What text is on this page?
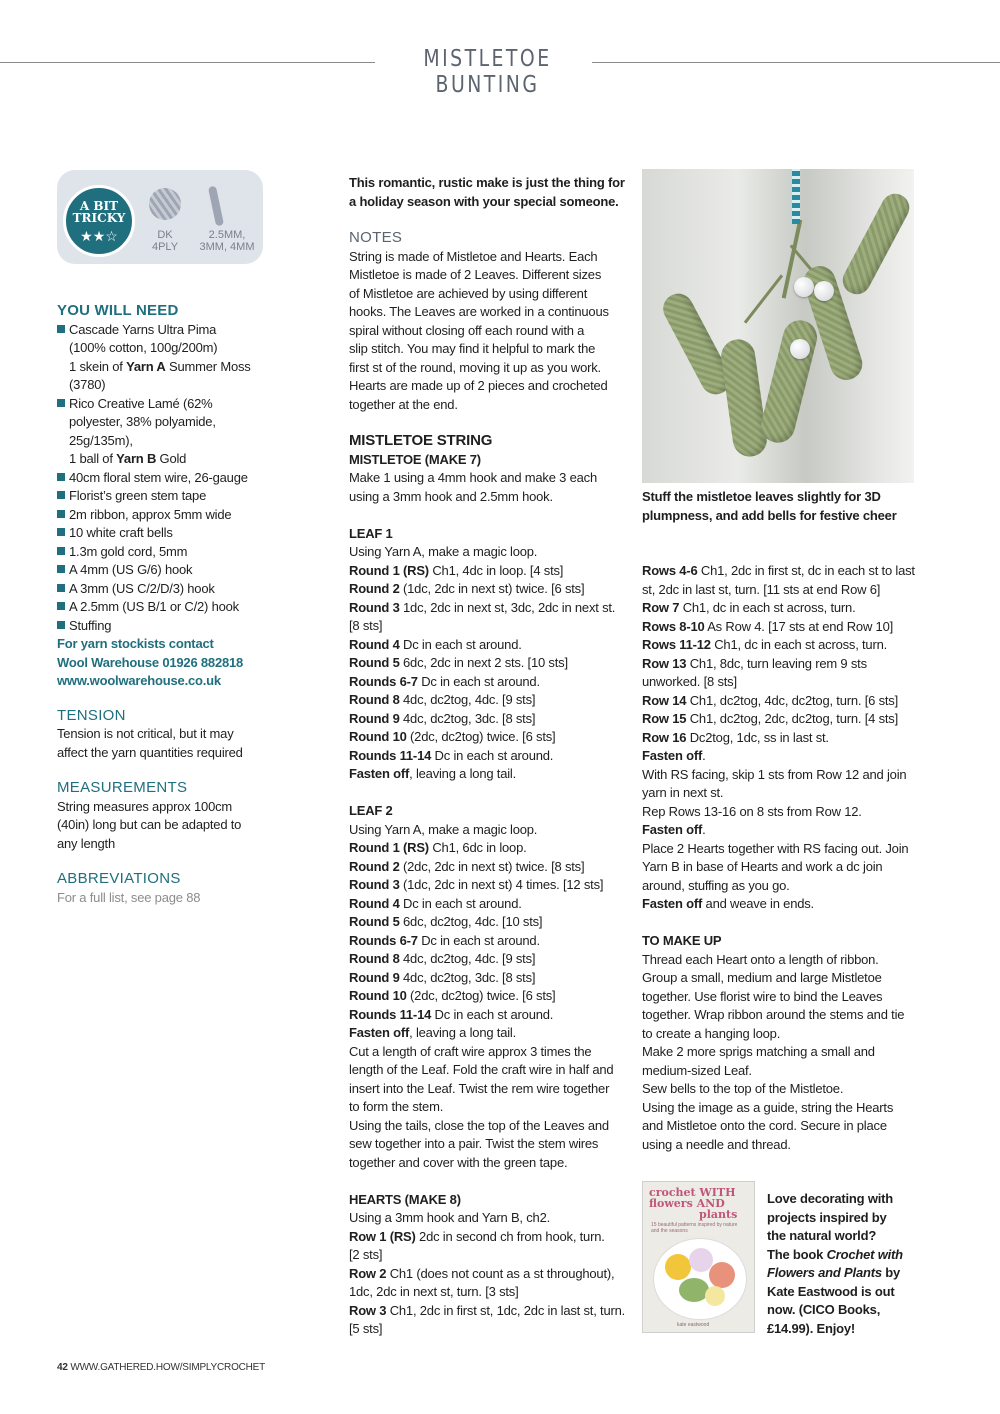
MISTLETOE BUNTING
A BIT
TRICKY
★★☆	DK
4PLY
2.5MM,
3MM, 4MM
YOU WILL NEED
Cascade Yarns Ultra Pima
(100% cotton, 100g/200m)
1 skein of Yarn A Summer Moss
(3780)
Rico Creative Lamé (62%
polyester, 38% polyamide,
25g/135m),
1 ball of Yarn B Gold
40cm floral stem wire, 26-gauge
Florist’s green stem tape
2m ribbon, approx 5mm wide
10 white craft bells
1.3m gold cord, 5mm
A 4mm (US G/6) hook
A 3mm (US C/2/D/3) hook
A 2.5mm (US B/1 or C/2) hook
Stuffing
For yarn stockists contact
Wool Warehouse 01926 882818
www.woolwarehouse.co.uk
TENSION
Tension is not critical, but it may
affect the yarn quantities required
MEASUREMENTS
String measures approx 100cm
(40in) long but can be adapted to
any length
ABBREVIATIONS
For a full list, see page 88
This romantic, rustic make is just the thing for
a holiday season with your special someone.
NOTES
String is made of Mistletoe and Hearts. Each
Mistletoe is made of 2 Leaves. Different sizes
of Mistletoe are achieved by using different
hooks. The Leaves are worked in a continuous
spiral without closing off each round with a
slip stitch. You may find it helpful to mark the
first st of the round, moving it up as you work.
Hearts are made up of 2 pieces and crocheted
together at the end.
MISTLETOE STRING
MISTLETOE (MAKE 7)
Make 1 using a 4mm hook and make 3 each
using a 3mm hook and 2.5mm hook.
LEAF 1
Using Yarn A, make a magic loop.
Round 1 (RS) Ch1, 4dc in loop. [4 sts]
Round 2 (1dc, 2dc in next st) twice. [6 sts]
Round 3 1dc, 2dc in next st, 3dc, 2dc in next st.
[8 sts]
Round 4 Dc in each st around.
Round 5 6dc, 2dc in next 2 sts. [10 sts]
Rounds 6-7 Dc in each st around.
Round 8 4dc, dc2tog, 4dc. [9 sts]
Round 9 4dc, dc2tog, 3dc. [8 sts]
Round 10 (2dc, dc2tog) twice. [6 sts]
Rounds 11-14 Dc in each st around.
Fasten off, leaving a long tail.
LEAF 2
Using Yarn A, make a magic loop.
Round 1 (RS) Ch1, 6dc in loop.
Round 2 (2dc, 2dc in next st) twice. [8 sts]
Round 3 (1dc, 2dc in next st) 4 times. [12 sts]
Round 4 Dc in each st around.
Round 5 6dc, dc2tog, 4dc. [10 sts]
Rounds 6-7 Dc in each st around.
Round 8 4dc, dc2tog, 4dc. [9 sts]
Round 9 4dc, dc2tog, 3dc. [8 sts]
Round 10 (2dc, dc2tog) twice. [6 sts]
Rounds 11-14 Dc in each st around.
Fasten off, leaving a long tail.
Cut a length of craft wire approx 3 times the
length of the Leaf. Fold the craft wire in half and
insert into the Leaf. Twist the rem wire together
to form the stem.
Using the tails, close the top of the Leaves and
sew together into a pair. Twist the stem wires
together and cover with the green tape.
HEARTS (MAKE 8)
Using a 3mm hook and Yarn B, ch2.
Row 1 (RS) 2dc in second ch from hook, turn.
[2 sts]
Row 2 Ch1 (does not count as a st throughout),
1dc, 2dc in next st, turn. [3 sts]
Row 3 Ch1, 2dc in first st, 1dc, 2dc in last st, turn.
[5 sts]
Stuff the mistletoe leaves slightly for 3D
plumpness, and add bells for festive cheer
Rows 4-6 Ch1, 2dc in first st, dc in each st to last
st, 2dc in last st, turn. [11 sts at end Row 6]
Row 7 Ch1, dc in each st across, turn.
Rows 8-10 As Row 4. [17 sts at end Row 10]
Rows 11-12 Ch1, dc in each st across, turn.
Row 13 Ch1, 8dc, turn leaving rem 9 sts
unworked. [8 sts]
Row 14 Ch1, dc2tog, 4dc, dc2tog, turn. [6 sts]
Row 15 Ch1, dc2tog, 2dc, dc2tog, turn. [4 sts]
Row 16 Dc2tog, 1dc, ss in last st.
Fasten off.
With RS facing, skip 1 sts from Row 12 and join
yarn in next st.
Rep Rows 13-16 on 8 sts from Row 12.
Fasten off.
Place 2 Hearts together with RS facing out. Join
Yarn B in base of Hearts and work a dc join
around, stuffing as you go.
Fasten off and weave in ends.
TO MAKE UP
Thread each Heart onto a length of ribbon.
Group a small, medium and large Mistletoe
together. Use florist wire to bind the Leaves
together. Wrap ribbon around the stems and tie
to create a hanging loop.
Make 2 more sprigs matching a small and
medium-sized Leaf.
Sew bells to the top of the Mistletoe.
Using the image as a guide, string the Hearts
and Mistletoe onto the cord. Secure in place
using a needle and thread.
crochet WITH
flowers AND
plants
15 beautiful patterns inspired by nature and the seasons
kate eastwood
Love decorating with
projects inspired by
the natural world?
The book Crochet with
Flowers and Plants by
Kate Eastwood is out
now. (CICO Books,
£14.99). Enjoy!
42 WWW.GATHERED.HOW/SIMPLYCROCHET
